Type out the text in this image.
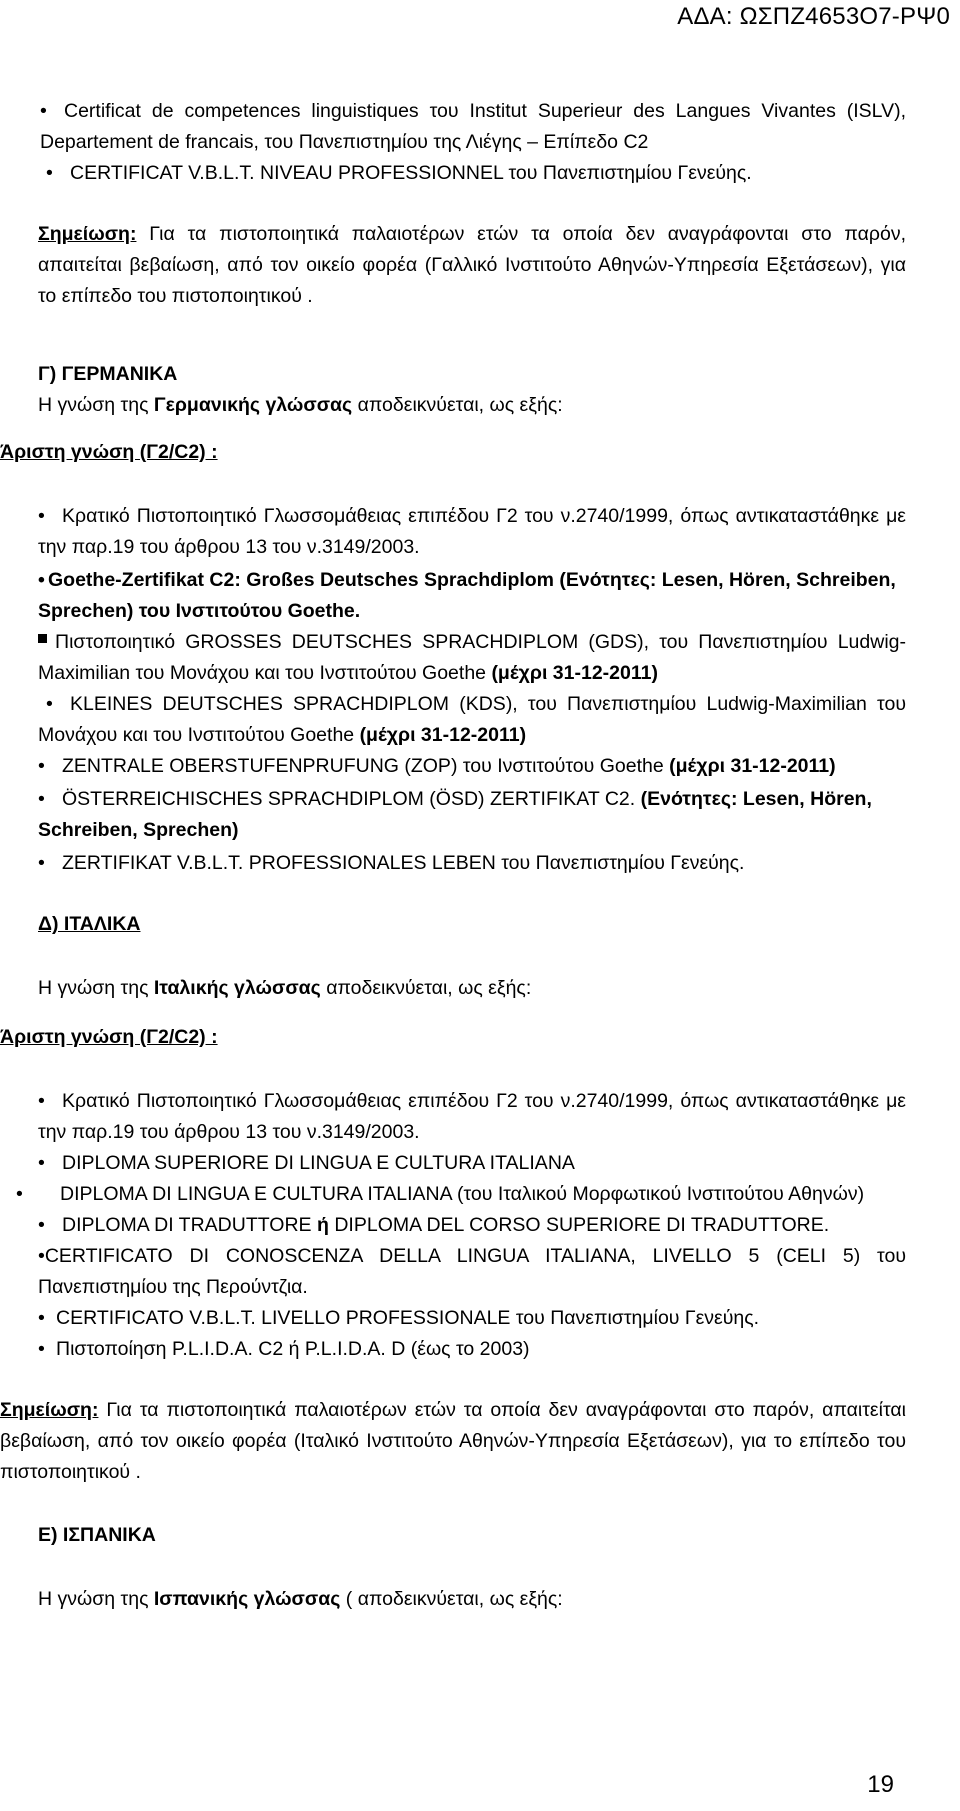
ΑΔΑ: ΩΣΠΖ4653Ο7-ΡΨ0

• Certificat de competences linguistiques του Institut Superieur des Langues Vivantes (ISLV), Departement de francais, του Πανεπιστημίου της Λιέγης – Επίπεδο C2

• CERTIFICAT V.B.L.T. NIVEAU PROFESSIONNEL του Πανεπιστημίου Γενεύης.

Σημείωση: Για τα πιστοποιητικά παλαιοτέρων ετών τα οποία δεν αναγράφονται στο παρόν, απαιτείται βεβαίωση, από τον οικείο φορέα (Γαλλικό Ινστιτούτο Αθηνών-Υπηρεσία Εξετάσεων), για το επίπεδο του πιστοποιητικού .

Γ) ΓΕΡΜΑΝΙΚΑ

Η γνώση της Γερμανικής γλώσσας αποδεικνύεται, ως εξής:

Άριστη γνώση (Γ2/C2) :

• Κρατικό Πιστοποιητικό Γλωσσομάθειας επιπέδου Γ2 του ν.2740/1999, όπως αντικαταστάθηκε με την παρ.19 του άρθρου 13 του ν.3149/2003.

• Goethe-Zertifikat C2: Großes Deutsches Sprachdiplom (Ενότητες: Lesen, Hören, Schreiben, Sprechen) του Ινστιτούτου Goethe.

Πιστοποιητικό GROSSES DEUTSCHES SPRACHDIPLOM (GDS), του Πανεπιστημίου Ludwig-Maximilian του Μονάχου και του Ινστιτούτου Goethe (μέχρι 31-12-2011)

• KLEINES DEUTSCHES SPRACHDIPLOM (KDS), του Πανεπιστημίου Ludwig-Maximilian του Μονάχου και του Ινστιτούτου Goethe (μέχρι 31-12-2011)

• ZENTRALE OBERSTUFENPRUFUNG (ZOP) του Ινστιτούτου Goethe (μέχρι 31-12-2011)

• ÖSTERREICHISCHES SPRACHDIPLOM (ÖSD) ZERTIFIKAT C2. (Ενότητες: Lesen, Hören, Schreiben, Sprechen)

• ZERTIFIKAT V.B.L.T. PROFESSIONALES LEBEN του Πανεπιστημίου Γενεύης.

Δ) ΙΤΑΛΙΚΑ

Η γνώση της Ιταλικής γλώσσας αποδεικνύεται, ως εξής:

Άριστη γνώση (Γ2/C2) :

• Κρατικό Πιστοποιητικό Γλωσσομάθειας επιπέδου Γ2 του ν.2740/1999, όπως αντικαταστάθηκε με την παρ.19 του άρθρου 13 του ν.3149/2003.

• DIPLOMA SUPERIORE DI LINGUA E CULTURA ITALIANA

• DIPLOMA DI LINGUA E CULTURA ITALIANA (του Ιταλικού Μορφωτικού Ινστιτούτου Αθηνών)

• DIPLOMA DI TRADUTTORE ή DIPLOMA DEL CORSO SUPERIORE DI TRADUTTORE.

•CERTIFICATO DI CONOSCENZA DELLA LINGUA ITALIANA, LIVELLO 5 (CELI 5) του Πανεπιστημίου της Περούντζια.

• CERTIFICATO V.B.L.T. LIVELLO PROFESSIONALE του Πανεπιστημίου Γενεύης.

• Πιστοποίηση P.L.I.D.A. C2 ή P.L.I.D.A. D (έως το 2003)

Σημείωση: Για τα πιστοποιητικά παλαιοτέρων ετών τα οποία δεν αναγράφονται στο παρόν, απαιτείται βεβαίωση, από τον οικείο φορέα (Ιταλικό Ινστιτούτο Αθηνών-Υπηρεσία Εξετάσεων), για το επίπεδο του πιστοποιητικού .

Ε) ΙΣΠΑΝΙΚΑ

Η γνώση της Ισπανικής γλώσσας ( αποδεικνύεται, ως εξής:

19
